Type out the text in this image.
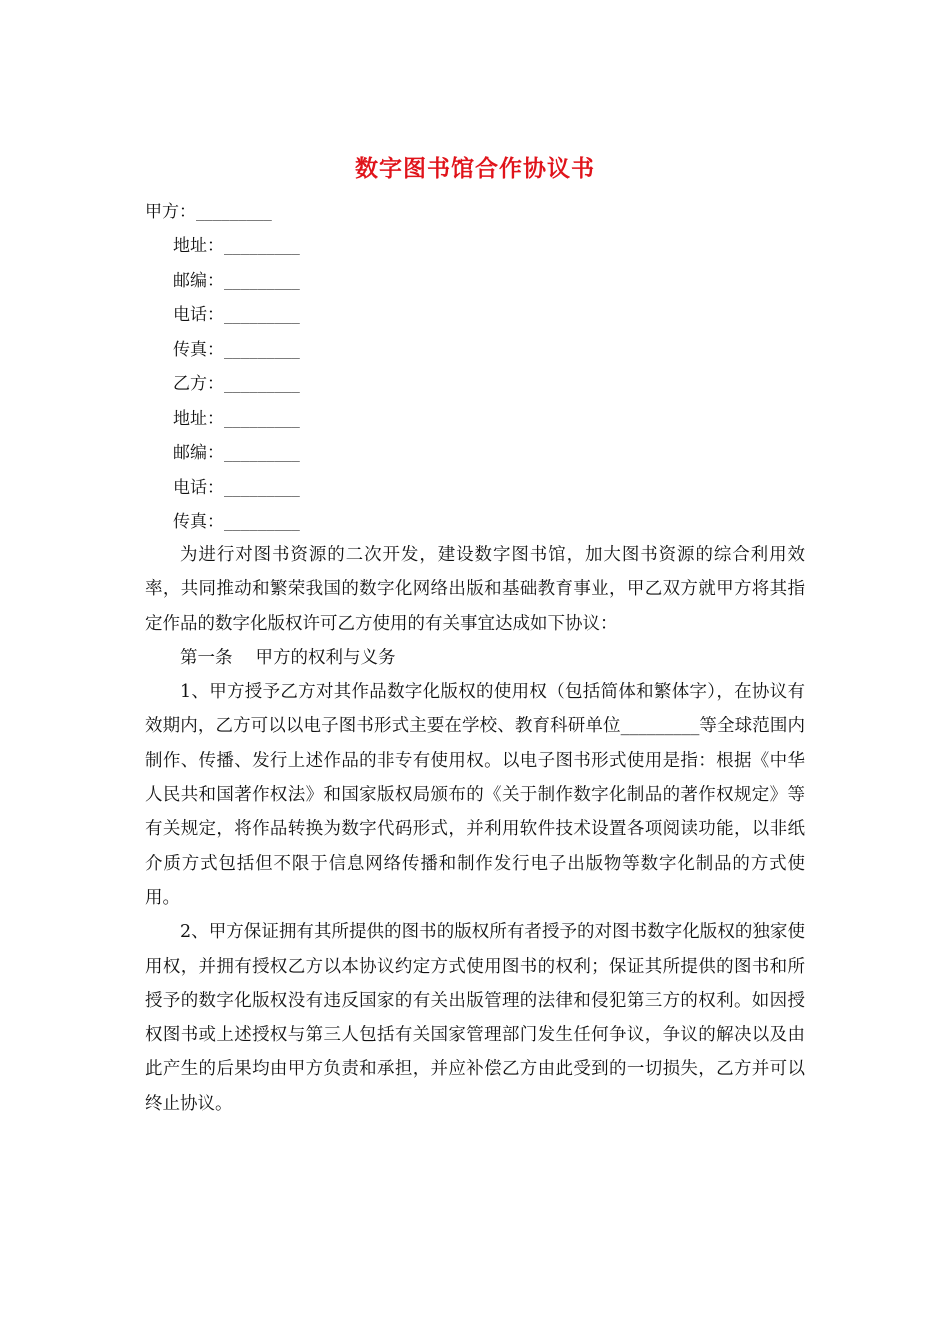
数字图书馆合作协议书
甲方：_________
地址：_________
邮编：_________
电话：_________
传真：_________
乙方：_________
地址：_________
邮编：_________
电话：_________
传真：_________

为进行对图书资源的二次开发，建设数字图书馆，加大图书资源的综合利用效率，共同推动和繁荣我国的数字化网络出版和基础教育事业，甲乙双方就甲方将其指定作品的数字化版权许可乙方使用的有关事宜达成如下协议：

第一条　 甲方的权利与义务

1、甲方授予乙方对其作品数字化版权的使用权（包括简体和繁体字），在协议有效期内，乙方可以以电子图书形式主要在学校、教育科研单位_________等全球范围内制作、传播、发行上述作品的非专有使用权。以电子图书形式使用是指：根据《中华人民共和国著作权法》和国家版权局颁布的《关于制作数字化制品的著作权规定》等有关规定，将作品转换为数字代码形式，并利用软件技术设置各项阅读功能，以非纸介质方式包括但不限于信息网络传播和制作发行电子出版物等数字化制品的方式使用。

2、甲方保证拥有其所提供的图书的版权所有者授予的对图书数字化版权的独家使用权，并拥有授权乙方以本协议约定方式使用图书的权利；保证其所提供的图书和所授予的数字化版权没有违反国家的有关出版管理的法律和侵犯第三方的权利。如因授权图书或上述授权与第三人包括有关国家管理部门发生任何争议，争议的解决以及由此产生的后果均由甲方负责和承担，并应补偿乙方由此受到的一切损失，乙方并可以终止协议。
